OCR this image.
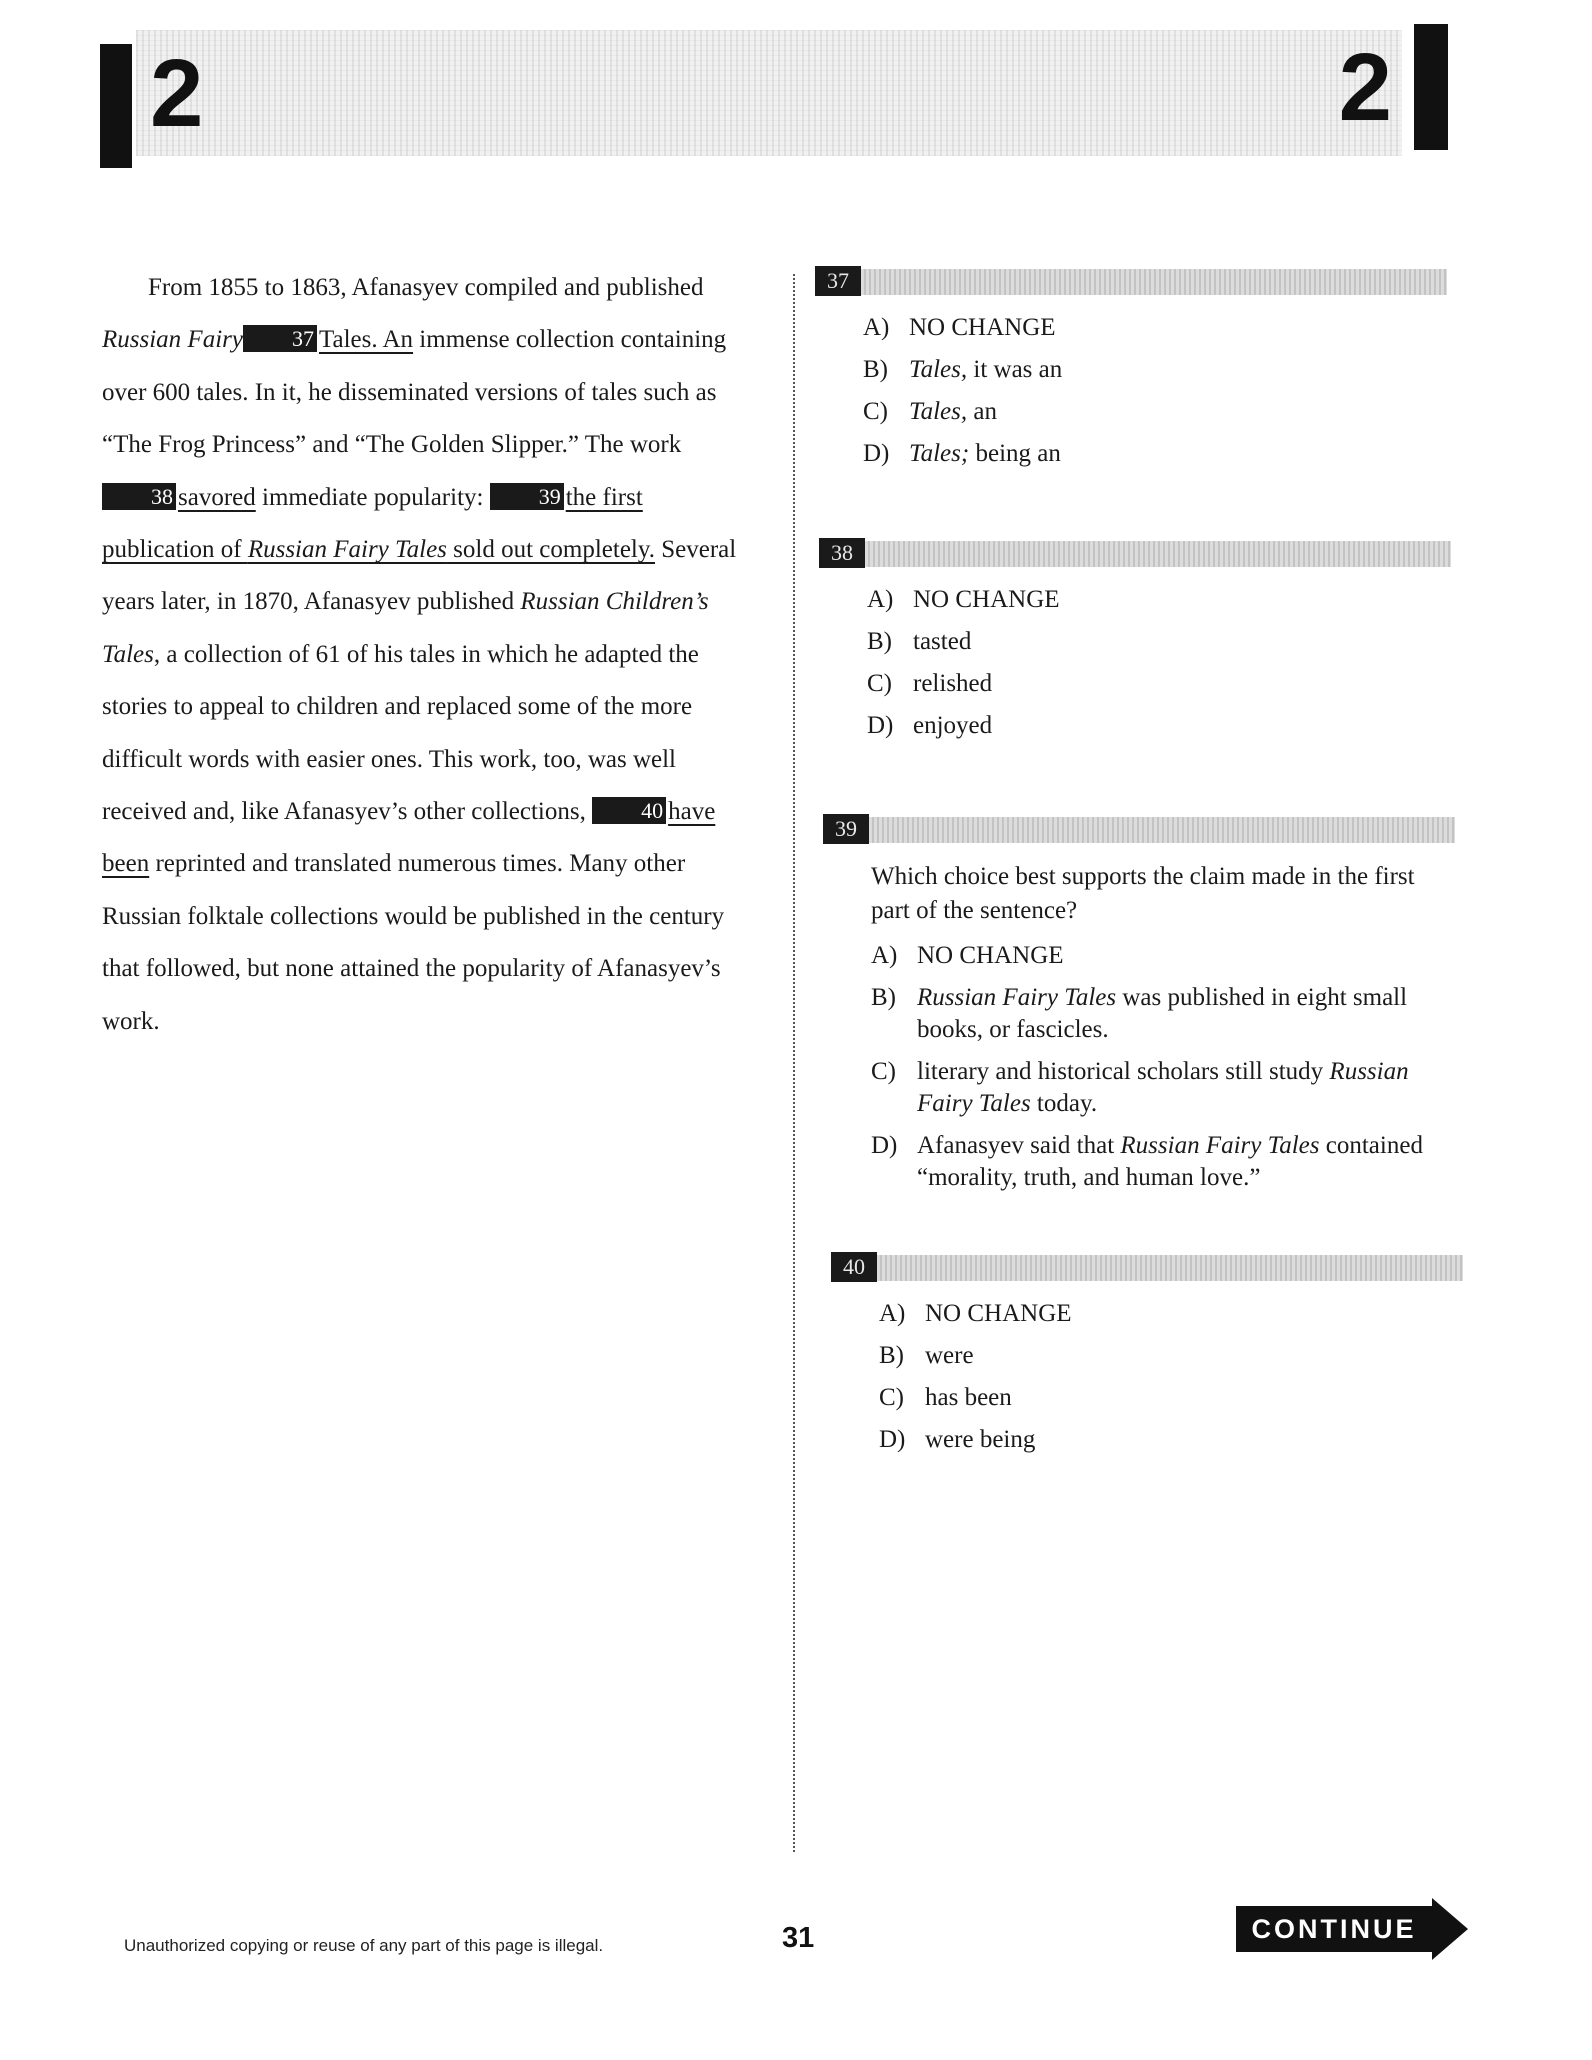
2	2

From 1855 to 1863, Afanasyev compiled and published Russian Fairy 37 Tales. An immense collection containing over 600 tales. In it, he disseminated versions of tales such as “The Frog Princess” and “The Golden Slipper.” The work 38 savored immediate popularity: 39 the first publication of Russian Fairy Tales sold out completely. Several years later, in 1870, Afanasyev published Russian Children’s Tales, a collection of 61 of his tales in which he adapted the stories to appeal to children and replaced some of the more difficult words with easier ones. This work, too, was well received and, like Afanasyev’s other collections, 40 have been reprinted and translated numerous times. Many other Russian folktale collections would be published in the century that followed, but none attained the popularity of Afanasyev’s work.

37
A) NO CHANGE
B) Tales, it was an
C) Tales, an
D) Tales; being an
38
A) NO CHANGE
B) tasted
C) relished
D) enjoyed
39
Which choice best supports the claim made in the first part of the sentence?
A) NO CHANGE
B) Russian Fairy Tales was published in eight small books, or fascicles.
C) literary and historical scholars still study Russian Fairy Tales today.
D) Afanasyev said that Russian Fairy Tales contained “morality, truth, and human love.”
40
A) NO CHANGE
B) were
C) has been
D) were being
Unauthorized copying or reuse of any part of this page is illegal.	31	CONTINUE
